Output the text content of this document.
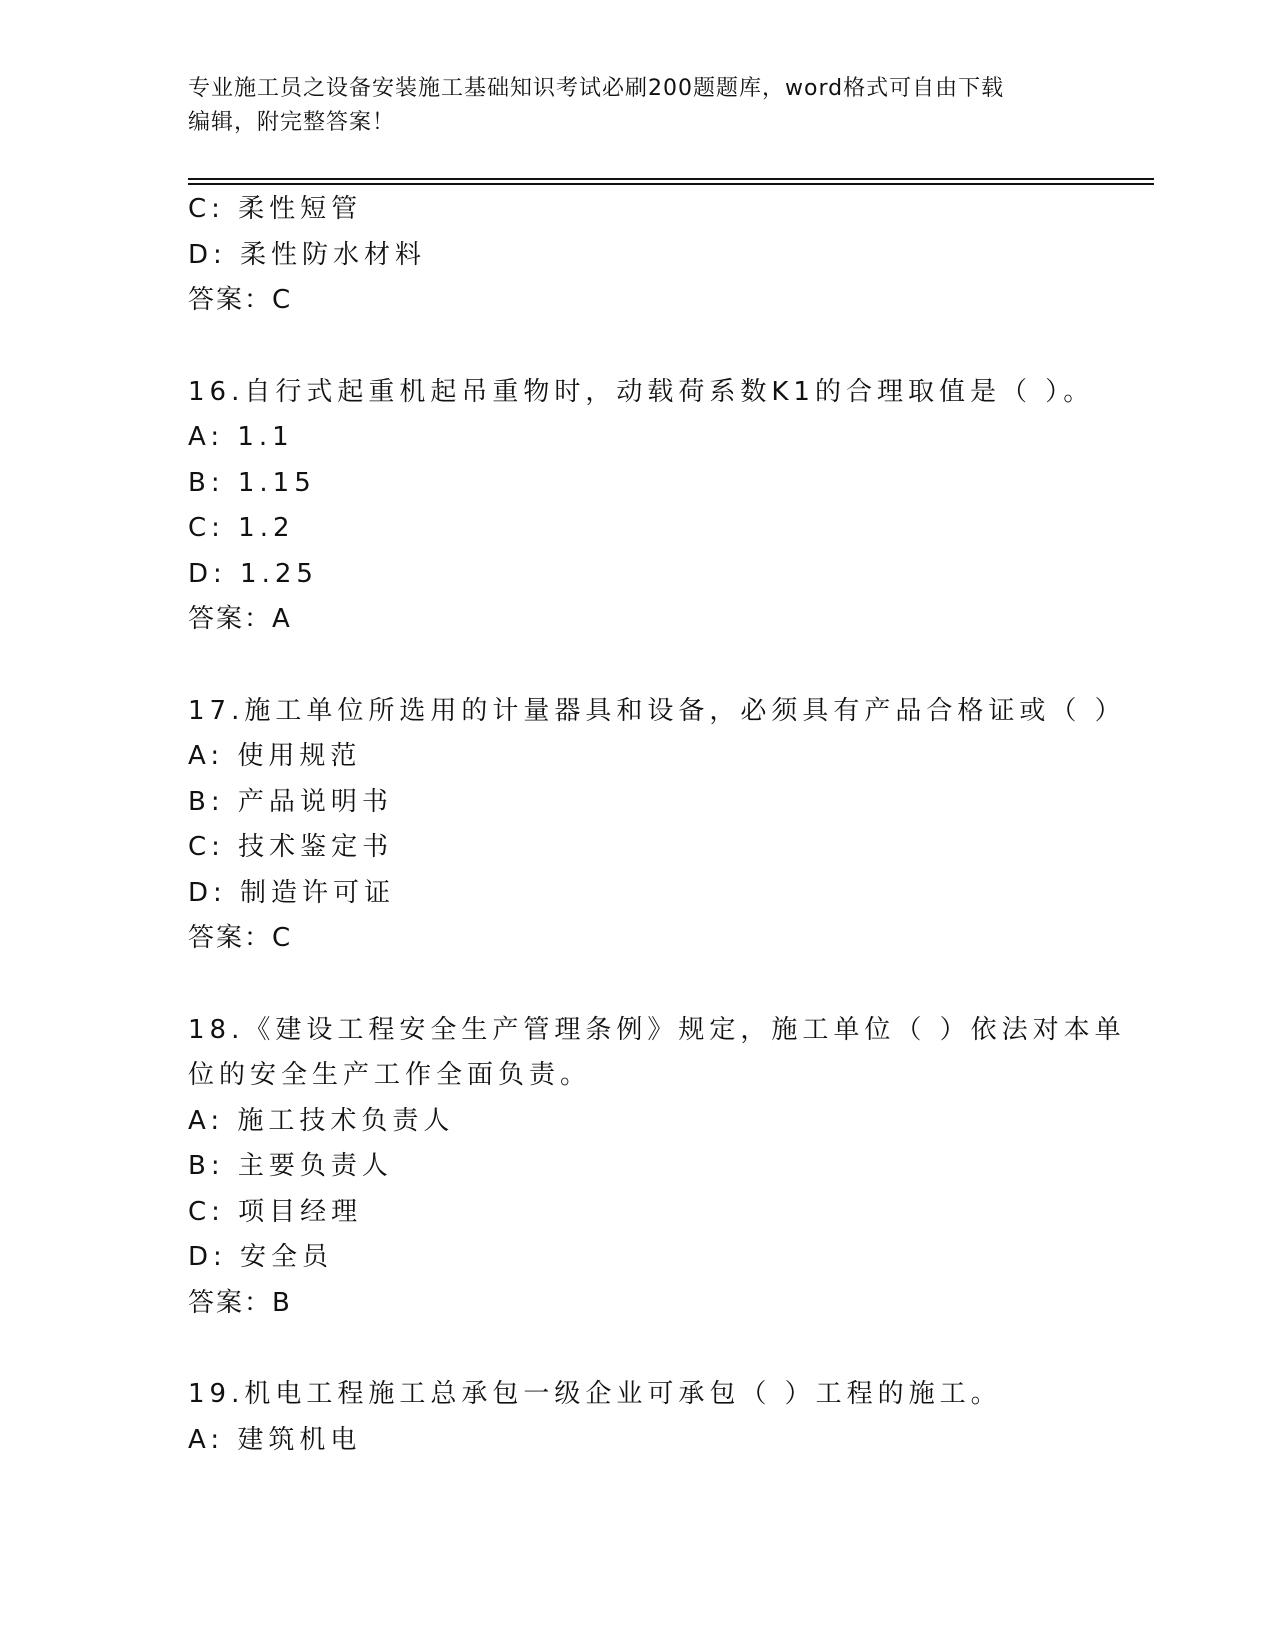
专业施工员之设备安装施工基础知识考试必刷200题题库，word格式可自由下载
编辑，附完整答案！
C: 柔性短管
D: 柔性防水材料
答案：C
16.自行式起重机起吊重物时，动载荷系数K1的合理取值是（ ）。
A: 1.1
B: 1.15
C: 1.2
D: 1.25
答案：A
17.施工单位所选用的计量器具和设备，必须具有产品合格证或（ ）
A: 使用规范
B: 产品说明书
C: 技术鉴定书
D: 制造许可证
答案：C
18.《建设工程安全生产管理条例》规定，施工单位（ ）依法对本单
位的安全生产工作全面负责。
A: 施工技术负责人
B: 主要负责人
C: 项目经理
D: 安全员
答案：B
19.机电工程施工总承包一级企业可承包（ ）工程的施工。
A: 建筑机电
